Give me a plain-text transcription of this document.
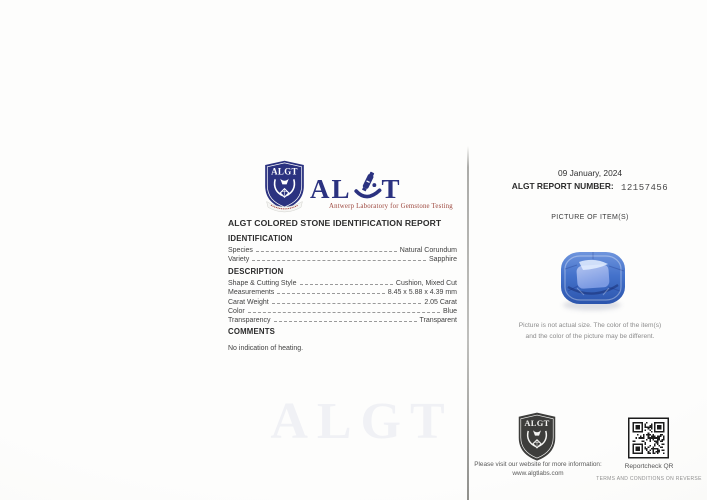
ALGT
AL T
Antwerp Laboratory for Gemstone Testing
ALGT COLORED STONE IDENTIFICATION REPORT
IDENTIFICATION
Species	Natural Corundum
Variety	Sapphire
DESCRIPTION
Shape & Cutting Style	Cushion, Mixed Cut
Measurements	8.45 x 5.88 x 4.39 mm
Carat Weight	2.05 Carat
Color	Blue
Transparency	Transparent
COMMENTS
No indication of heating.
ALGT
09 January, 2024
ALGT REPORT NUMBER: 12157456
PICTURE OF ITEM(S)
Picture is not actual size. The color of the item(s)
and the color of the picture may be different.
ALGT
Please visit our website for more information:
www.algtlabs.com
Reportcheck QR
TERMS AND CONDITIONS ON REVERSE
